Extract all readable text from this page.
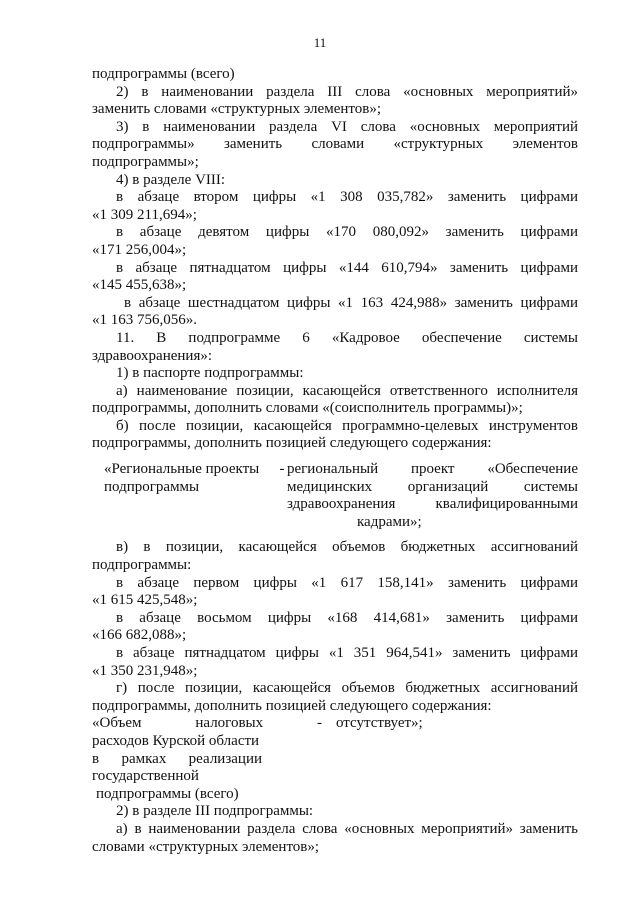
11

подпрограммы (всего)

2) в наименовании раздела III слова «основных мероприятий»

заменить словами «структурных элементов»;

3) в наименовании раздела VI слова «основных мероприятий

подпрограммы» заменить словами «структурных элементов

подпрограммы»;

4) в разделе VIII:

в абзаце втором цифры «1 308 035,782» заменить цифрами

«1 309 211,694»;

в абзаце девятом цифры «170 080,092» заменить цифрами

«171 256,004»;

в абзаце пятнадцатом цифры «144 610,794» заменить цифрами

«145 455,638»;

в абзаце шестнадцатом цифры «1 163 424,988» заменить цифрами

«1 163 756,056».

11. В подпрограмме 6 «Кадровое обеспечение системы

здравоохранения»:

1) в паспорте подпрограммы:

а) наименование позиции, касающейся ответственного исполнителя

подпрограммы, дополнить словами «(соисполнитель программы)»;

б) после позиции, касающейся программно-целевых инструментов

подпрограммы, дополнить позицией следующего содержания:

«Региональные проекты

подпрограммы

- региональный проект «Обеспечение

медицинских организаций системы

здравоохранения квалифицированными

кадрами»;

в) в позиции, касающейся объемов бюджетных ассигнований

подпрограммы:

в абзаце первом цифры «1 617 158,141» заменить цифрами

«1 615 425,548»;

в абзаце восьмом цифры «168 414,681» заменить цифрами

«166 682,088»;

в абзаце пятнадцатом цифры «1 351 964,541» заменить цифрами

«1 350 231,948»;

г) после позиции, касающейся объемов бюджетных ассигнований

подпрограммы, дополнить позицией следующего содержания:

«Объем налоговых - отсутствует»;

расходов Курской области

в рамках реализации

государственной

подпрограммы (всего)

2) в разделе III подпрограммы:

а) в наименовании раздела слова «основных мероприятий» заменить

словами «структурных элементов»;
